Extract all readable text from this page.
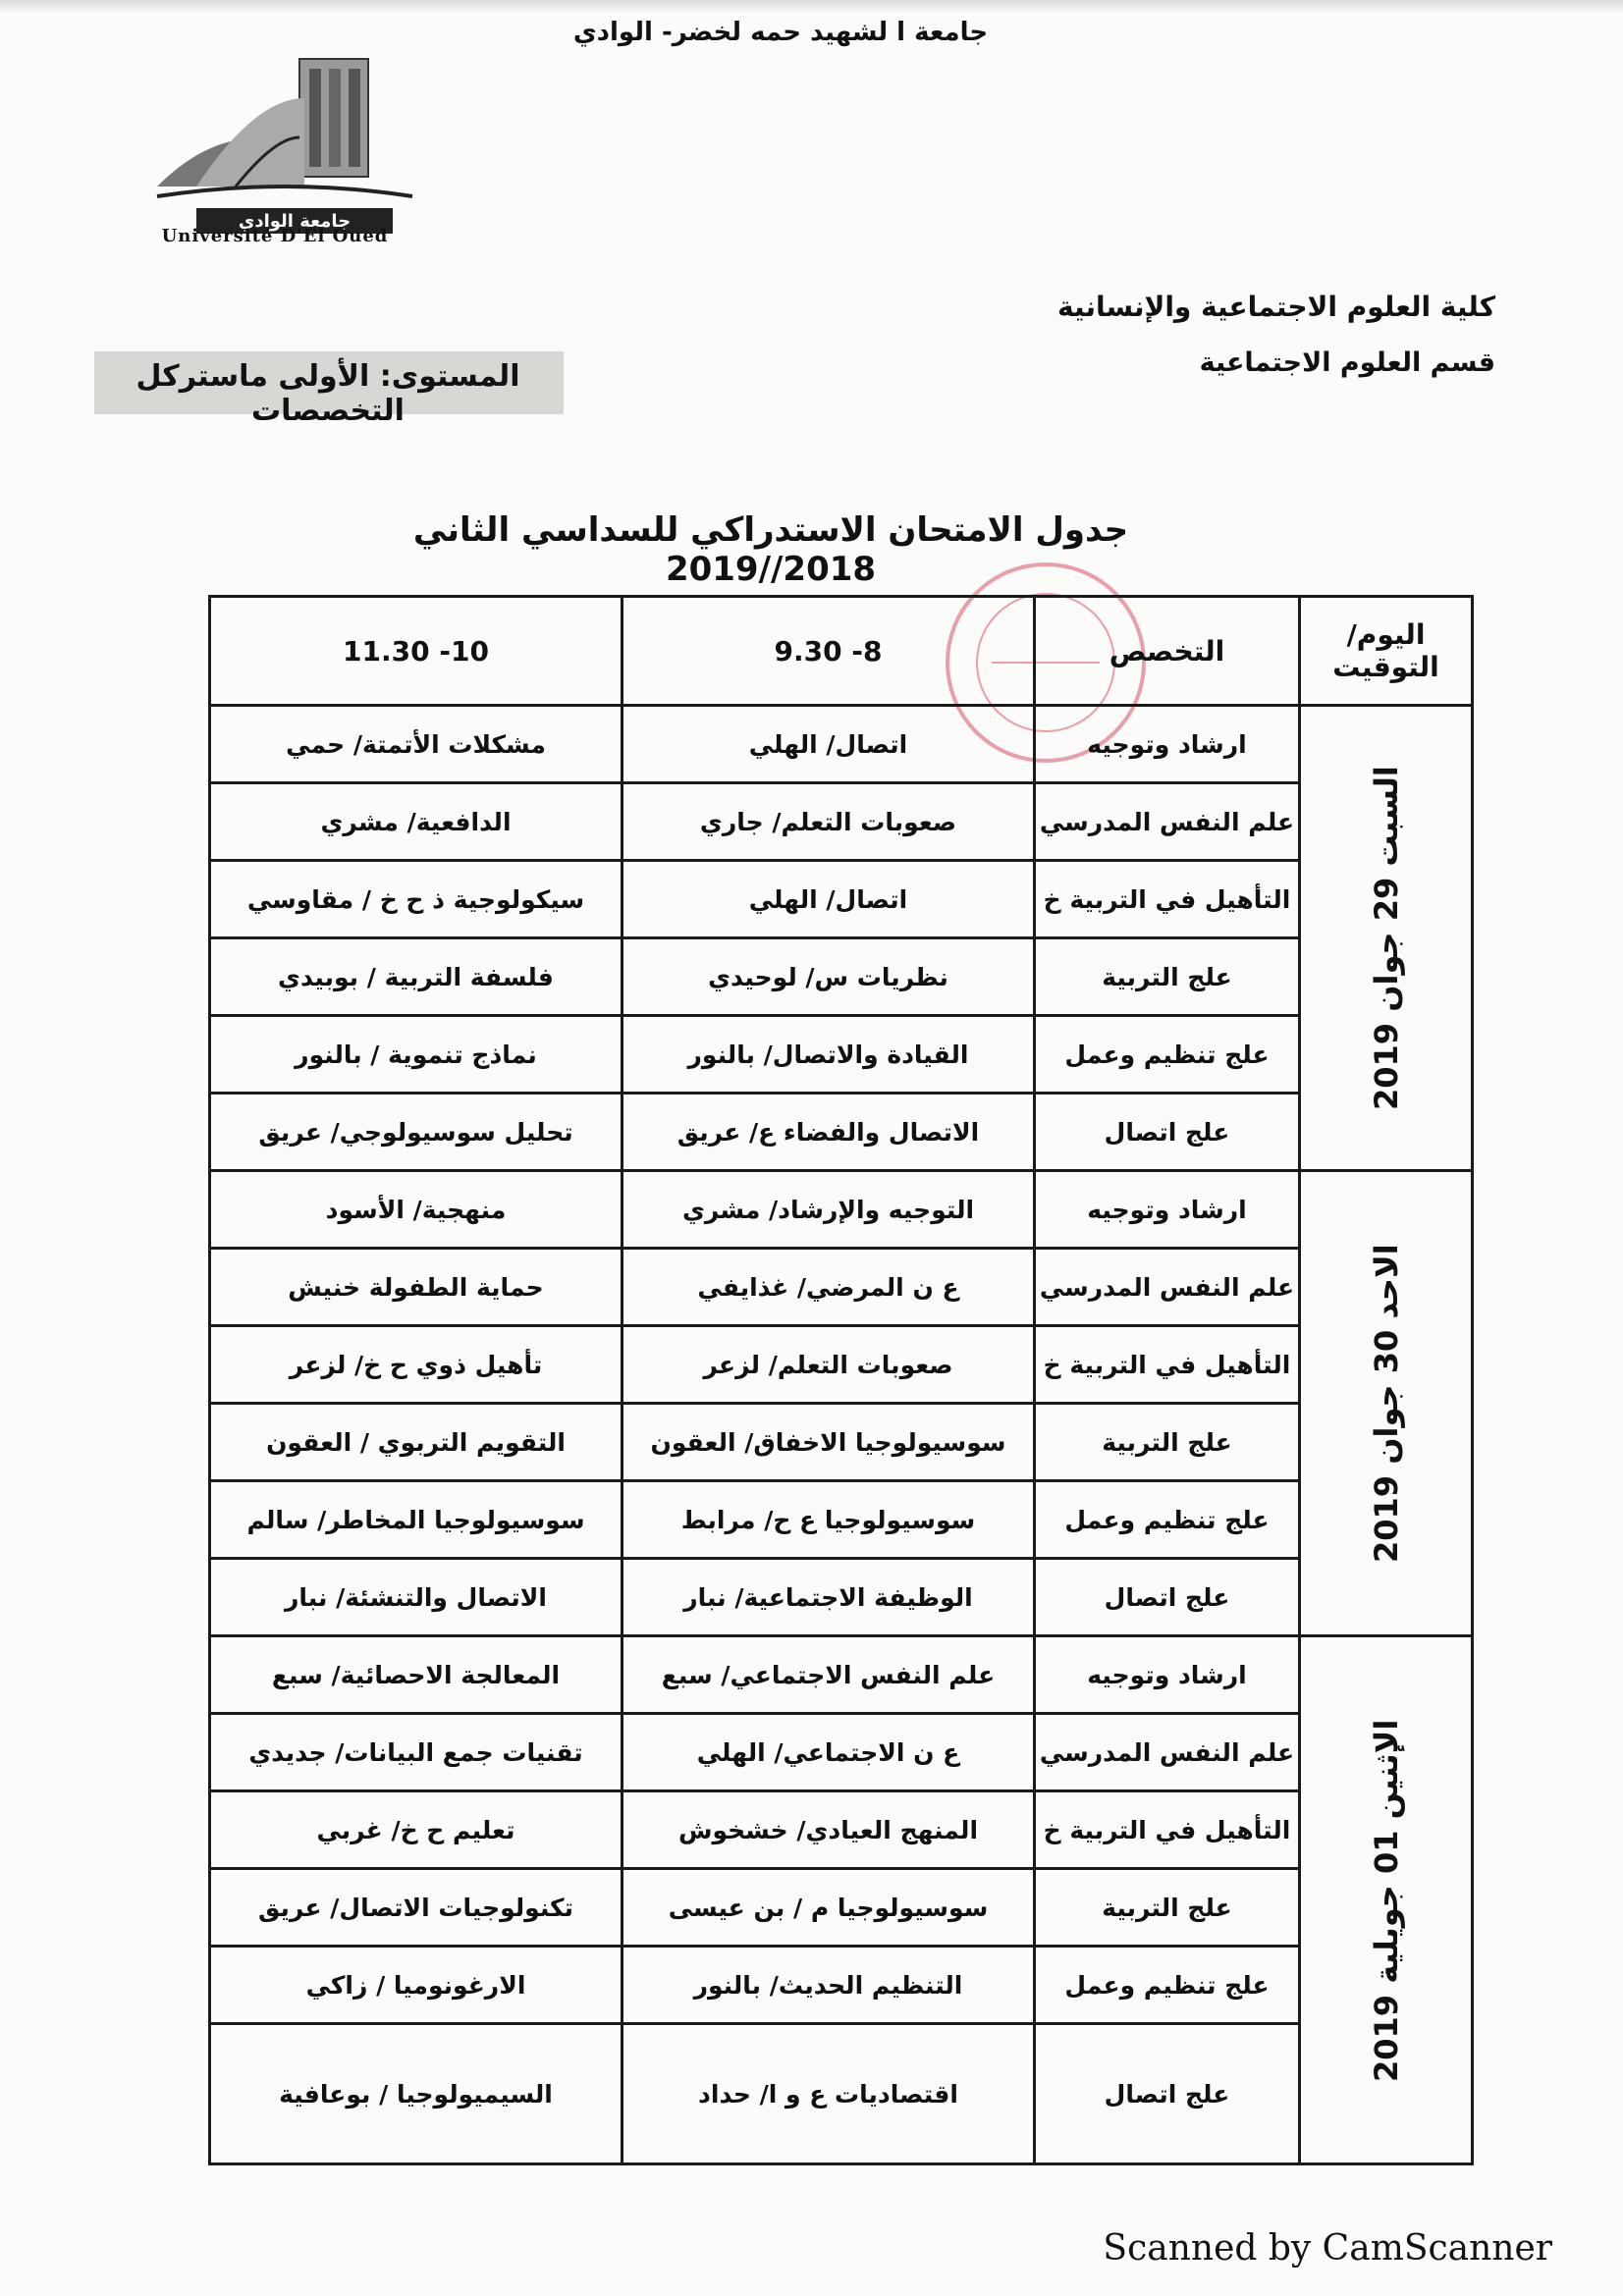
جامعة ا لشهيد حمه لخضر- الوادي
جامعة الوادي
Université D'El Oued
كلية العلوم الاجتماعية والإنسانية
قسم العلوم الاجتماعية
المستوى: الأولى ماستركل التخصصات
جدول الامتحان الاستدراكي للسداسي الثاني 2018//2019
اليوم/ التوقيت	التخصص	8- 9.30	10- 11.30
السبت 29 جوان 2019	ارشاد وتوجيه	اتصال/ الهلي	مشكلات الأتمتة/ حمي
	علم النفس المدرسي	صعوبات التعلم/ جاري	الدافعية/ مشري
	التأهيل في التربية خ	اتصال/ الهلي	سيكولوجية ذ ح خ / مقاوسي
	علج التربية	نظريات س/ لوحيدي	فلسفة التربية / بوبيدي
	علج تنظيم وعمل	القيادة والاتصال/ بالنور	نماذج تنموية / بالنور
	علج اتصال	الاتصال والفضاء ع/ عريق	تحليل سوسيولوجي/ عريق
الاحد 30 جوان 2019	ارشاد وتوجيه	التوجيه والإرشاد/ مشري	منهجية/ الأسود
	علم النفس المدرسي	ع ن المرضي/ غذايفي	حماية الطفولة خنيش
	التأهيل في التربية خ	صعوبات التعلم/ لزعر	تأهيل ذوي ح خ/ لزعر
	علج التربية	سوسيولوجيا الاخفاق/ العقون	التقويم التربوي / العقون
	علج تنظيم وعمل	سوسيولوجيا ع ح/ مرابط	سوسيولوجيا المخاطر/ سالم
	علج اتصال	الوظيفة الاجتماعية/ نبار	الاتصال والتنشئة/ نبار
الإثنين 01 جويلية 2019	ارشاد وتوجيه	علم النفس الاجتماعي/ سبع	المعالجة الاحصائية/ سبع
	علم النفس المدرسي	ع ن الاجتماعي/ الهلي	تقنيات جمع البيانات/ جديدي
	التأهيل في التربية خ	المنهج العيادي/ خشخوش	تعليم ح خ/ غربي
	علج التربية	سوسيولوجيا م / بن عيسى	تكنولوجيات الاتصال/ عريق
	علج تنظيم وعمل	التنظيم الحديث/ بالنور	الارغونوميا / زاكي
	علج اتصال	اقتصاديات ع و ا/ حداد	السيميولوجيا / بوعافية
Scanned by CamScanner
